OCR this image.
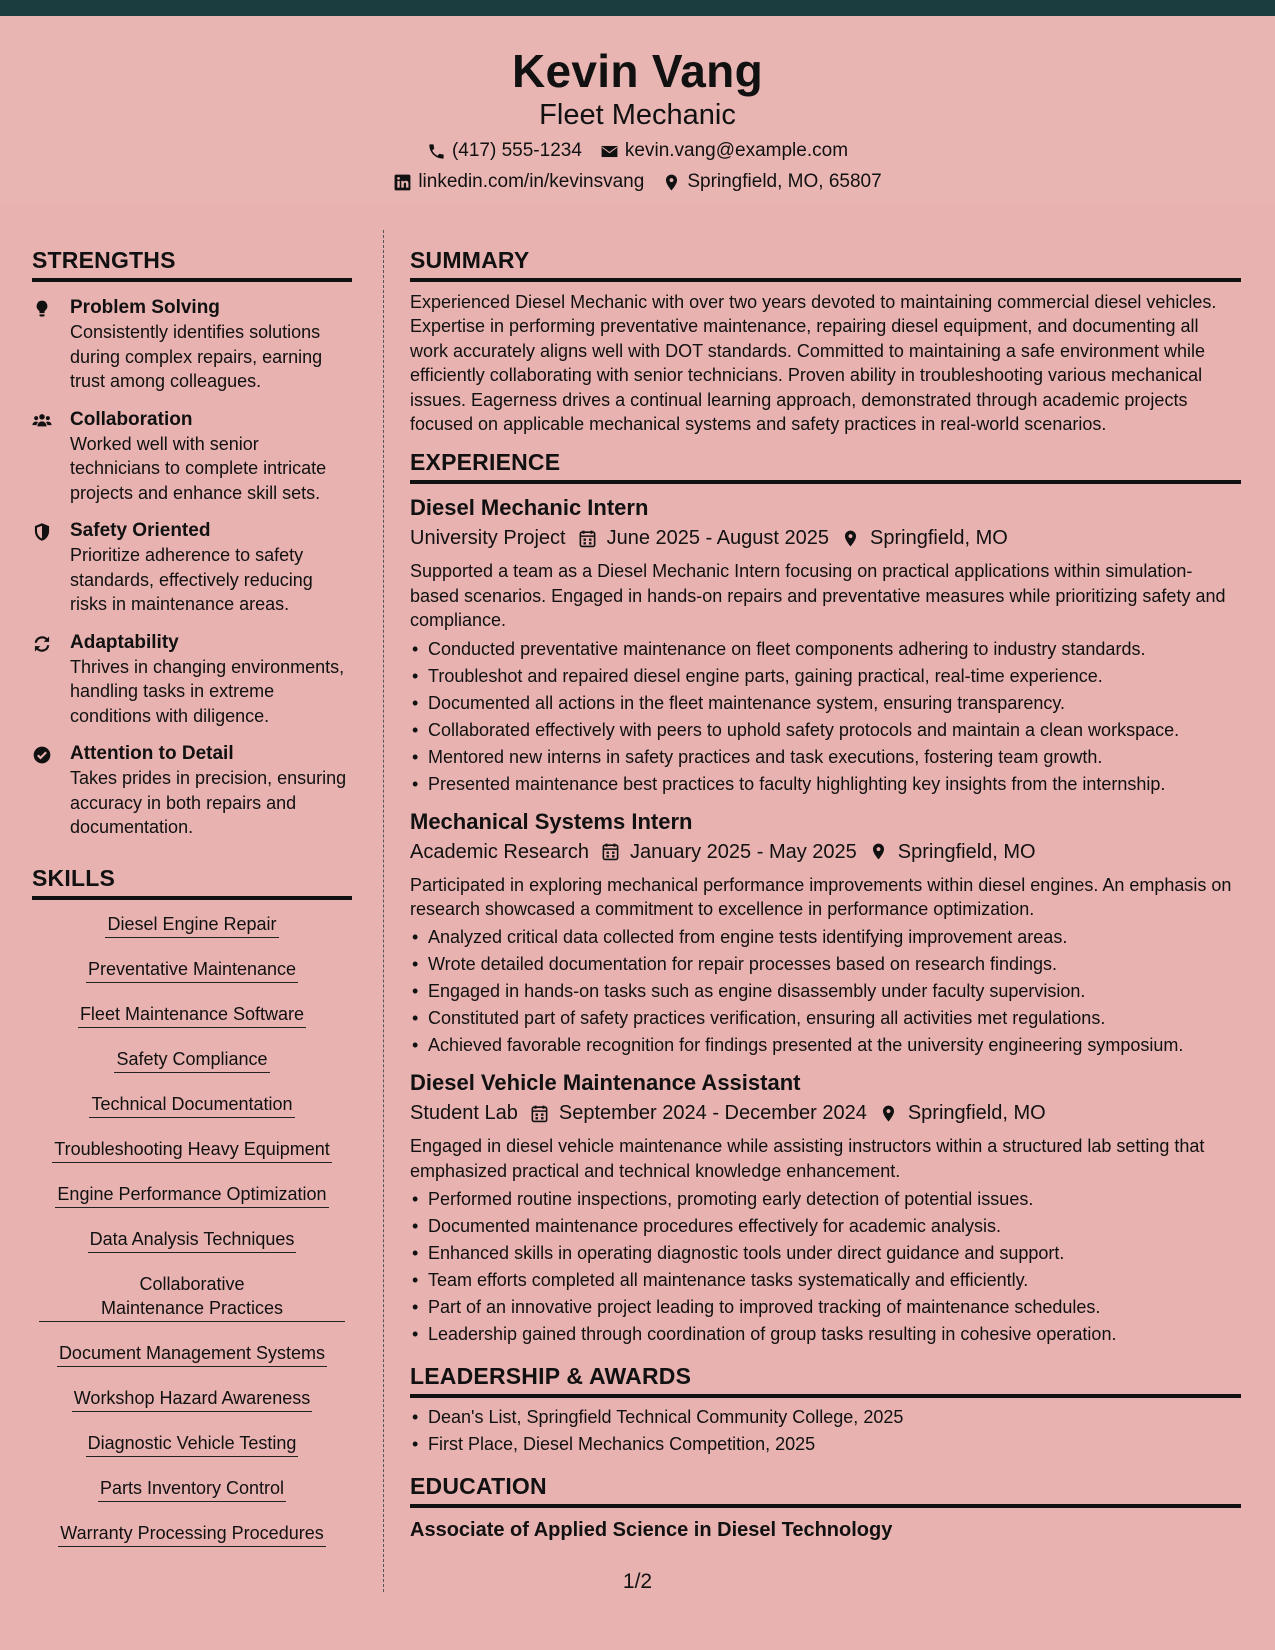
Kevin Vang
Fleet Mechanic
(417) 555-1234 kevin.vang@example.com
linkedin.com/in/kevinsvang Springfield, MO, 65807
STRENGTHS
Problem Solving
Consistently identifies solutions during complex repairs, earning trust among colleagues.
Collaboration
Worked well with senior technicians to complete intricate projects and enhance skill sets.
Safety Oriented
Prioritize adherence to safety standards, effectively reducing risks in maintenance areas.
Adaptability
Thrives in changing environments, handling tasks in extreme conditions with diligence.
Attention to Detail
Takes prides in precision, ensuring accuracy in both repairs and documentation.
SKILLS
Diesel Engine Repair
Preventative Maintenance
Fleet Maintenance Software
Safety Compliance
Technical Documentation
Troubleshooting Heavy Equipment
Engine Performance Optimization
Data Analysis Techniques
Collaborative Maintenance Practices
Document Management Systems
Workshop Hazard Awareness
Diagnostic Vehicle Testing
Parts Inventory Control
Warranty Processing Procedures
SUMMARY
Experienced Diesel Mechanic with over two years devoted to maintaining commercial diesel vehicles. Expertise in performing preventative maintenance, repairing diesel equipment, and documenting all work accurately aligns well with DOT standards. Committed to maintaining a safe environment while efficiently collaborating with senior technicians. Proven ability in troubleshooting various mechanical issues. Eagerness drives a continual learning approach, demonstrated through academic projects focused on applicable mechanical systems and safety practices in real-world scenarios.
EXPERIENCE
Diesel Mechanic Intern
University Project June 2025 - August 2025 Springfield, MO
Supported a team as a Diesel Mechanic Intern focusing on practical applications within simulation-based scenarios. Engaged in hands-on repairs and preventative measures while prioritizing safety and compliance.
• Conducted preventative maintenance on fleet components adhering to industry standards.
• Troubleshot and repaired diesel engine parts, gaining practical, real-time experience.
• Documented all actions in the fleet maintenance system, ensuring transparency.
• Collaborated effectively with peers to uphold safety protocols and maintain a clean workspace.
• Mentored new interns in safety practices and task executions, fostering team growth.
• Presented maintenance best practices to faculty highlighting key insights from the internship.
Mechanical Systems Intern
Academic Research January 2025 - May 2025 Springfield, MO
Participated in exploring mechanical performance improvements within diesel engines. An emphasis on research showcased a commitment to excellence in performance optimization.
• Analyzed critical data collected from engine tests identifying improvement areas.
• Wrote detailed documentation for repair processes based on research findings.
• Engaged in hands-on tasks such as engine disassembly under faculty supervision.
• Constituted part of safety practices verification, ensuring all activities met regulations.
• Achieved favorable recognition for findings presented at the university engineering symposium.
Diesel Vehicle Maintenance Assistant
Student Lab September 2024 - December 2024 Springfield, MO
Engaged in diesel vehicle maintenance while assisting instructors within a structured lab setting that emphasized practical and technical knowledge enhancement.
• Performed routine inspections, promoting early detection of potential issues.
• Documented maintenance procedures effectively for academic analysis.
• Enhanced skills in operating diagnostic tools under direct guidance and support.
• Team efforts completed all maintenance tasks systematically and efficiently.
• Part of an innovative project leading to improved tracking of maintenance schedules.
• Leadership gained through coordination of group tasks resulting in cohesive operation.
LEADERSHIP & AWARDS
• Dean's List, Springfield Technical Community College, 2025
• First Place, Diesel Mechanics Competition, 2025
EDUCATION
Associate of Applied Science in Diesel Technology
1/2
